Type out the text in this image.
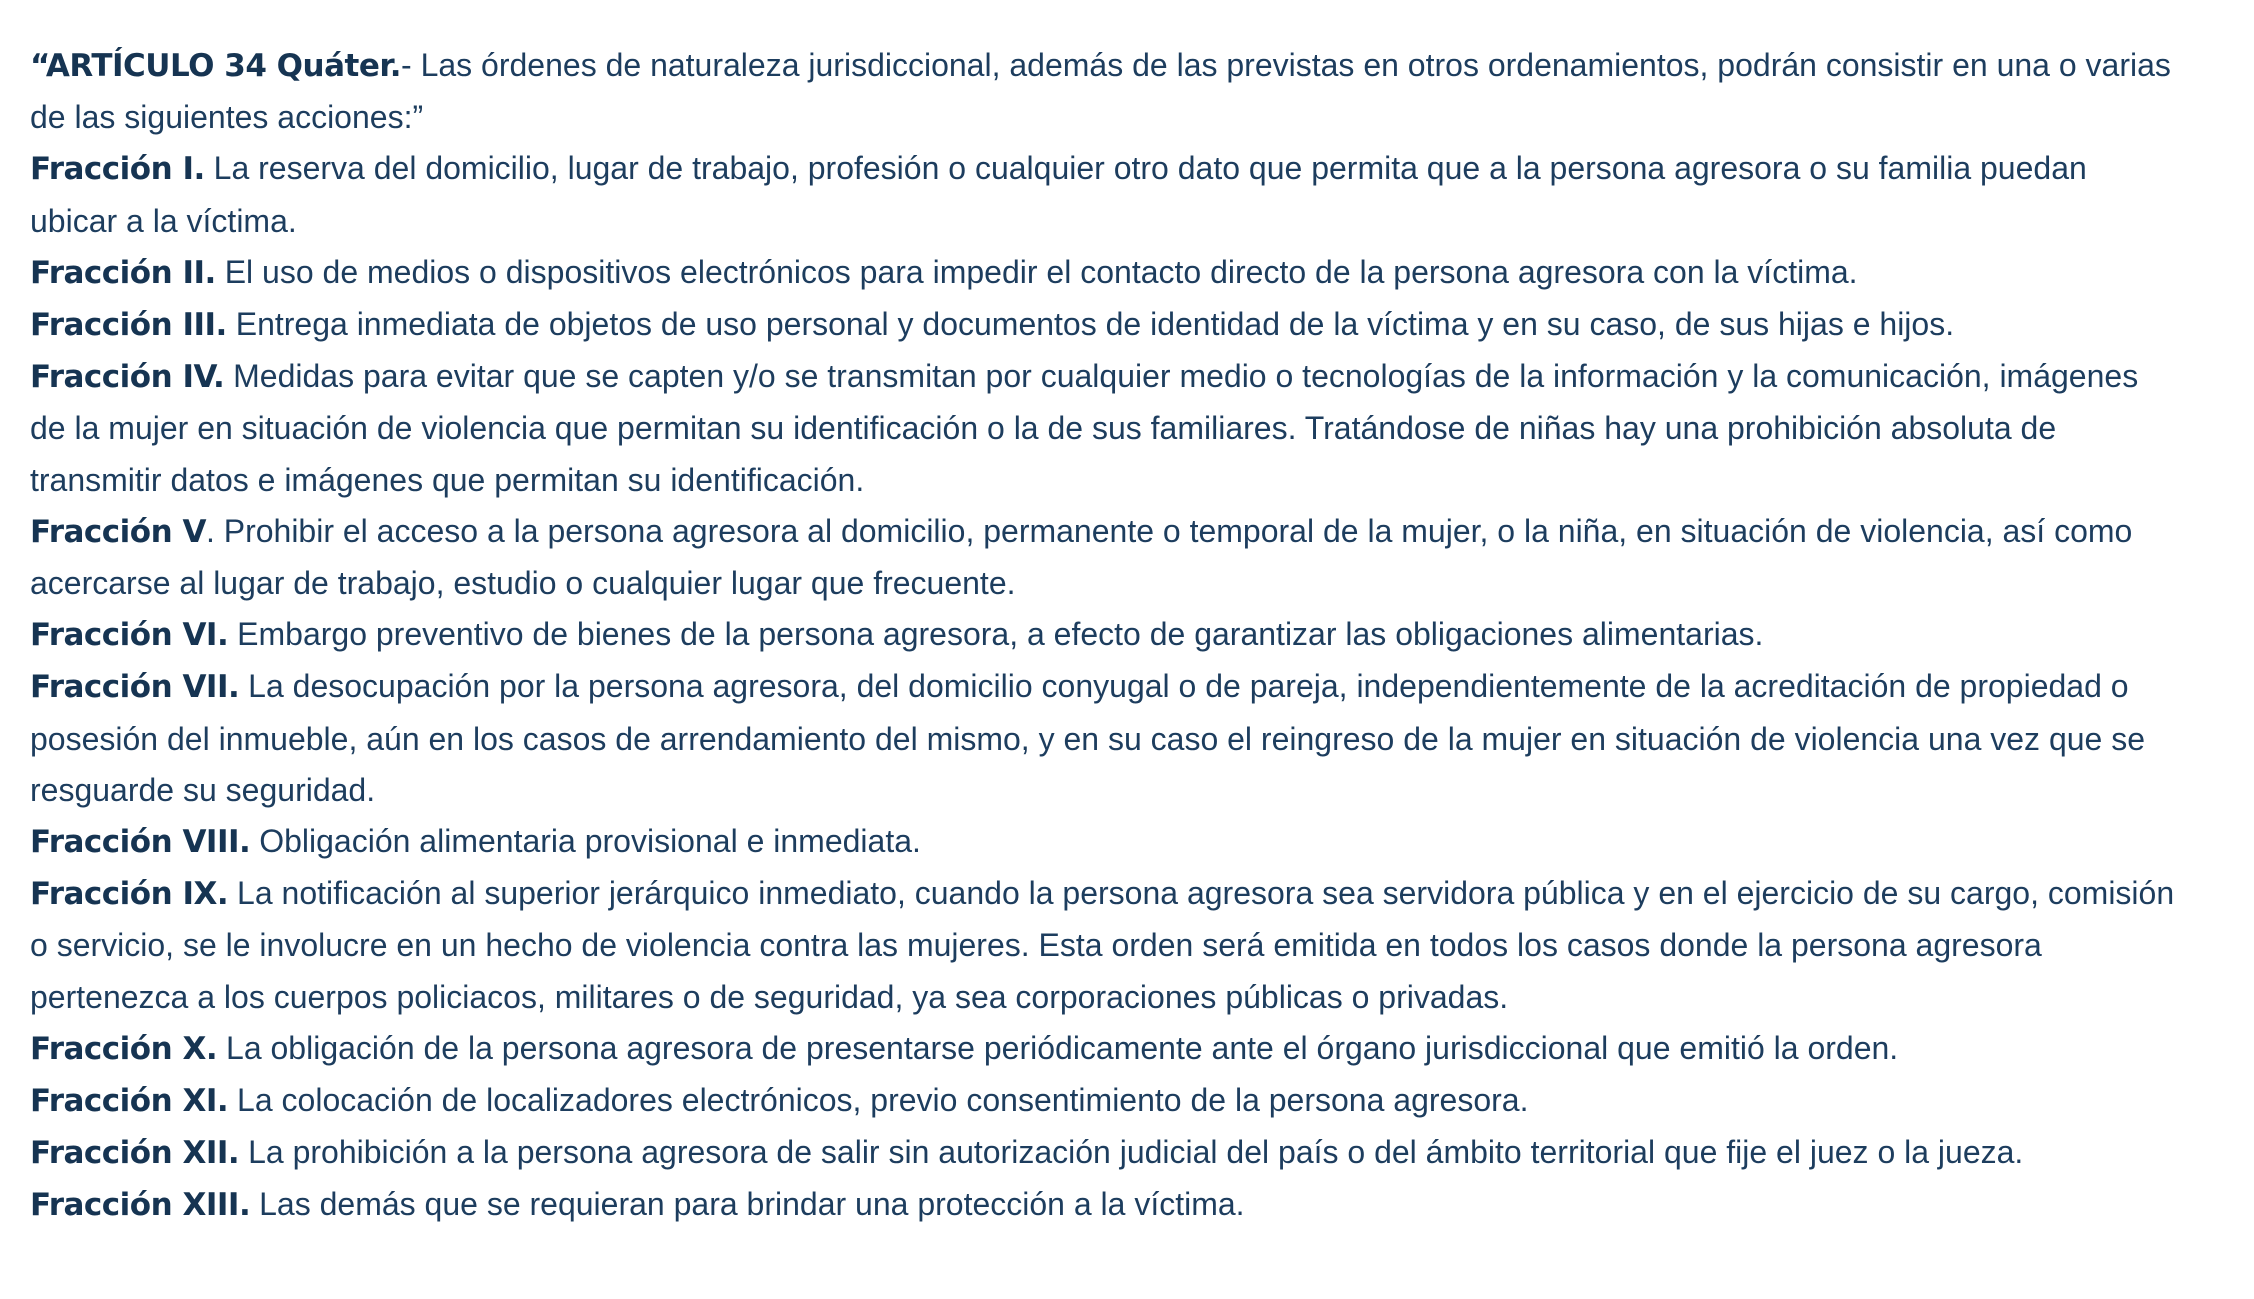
“ARTÍCULO 34 Quáter.- Las órdenes de naturaleza jurisdiccional, además de las previstas en otros ordenamientos, podrán consistir en una o varias de las siguientes acciones:”

Fracción I. La reserva del domicilio, lugar de trabajo, profesión o cualquier otro dato que permita que a la persona agresora o su familia puedan ubicar a la víctima.

Fracción II. El uso de medios o dispositivos electrónicos para impedir el contacto directo de la persona agresora con la víctima.

Fracción III. Entrega inmediata de objetos de uso personal y documentos de identidad de la víctima y en su caso, de sus hijas e hijos.

Fracción IV. Medidas para evitar que se capten y/o se transmitan por cualquier medio o tecnologías de la información y la comunicación, imágenes de la mujer en situación de violencia que permitan su identificación o la de sus familiares. Tratándose de niñas hay una prohibición absoluta de transmitir datos e imágenes que permitan su identificación.

Fracción V. Prohibir el acceso a la persona agresora al domicilio, permanente o temporal de la mujer, o la niña, en situación de violencia, así como acercarse al lugar de trabajo, estudio o cualquier lugar que frecuente.

Fracción VI. Embargo preventivo de bienes de la persona agresora, a efecto de garantizar las obligaciones alimentarias.

Fracción VII. La desocupación por la persona agresora, del domicilio conyugal o de pareja, independientemente de la acreditación de propiedad o posesión del inmueble, aún en los casos de arrendamiento del mismo, y en su caso el reingreso de la mujer en situación de violencia una vez que se resguarde su seguridad.

Fracción VIII. Obligación alimentaria provisional e inmediata.

Fracción IX. La notificación al superior jerárquico inmediato, cuando la persona agresora sea servidora pública y en el ejercicio de su cargo, comisión o servicio, se le involucre en un hecho de violencia contra las mujeres. Esta orden será emitida en todos los casos donde la persona agresora pertenezca a los cuerpos policiacos, militares o de seguridad, ya sea corporaciones públicas o privadas.

Fracción X. La obligación de la persona agresora de presentarse periódicamente ante el órgano jurisdiccional que emitió la orden.

Fracción XI. La colocación de localizadores electrónicos, previo consentimiento de la persona agresora.

Fracción XII. La prohibición a la persona agresora de salir sin autorización judicial del país o del ámbito territorial que fije el juez o la jueza.

Fracción XIII. Las demás que se requieran para brindar una protección a la víctima.
